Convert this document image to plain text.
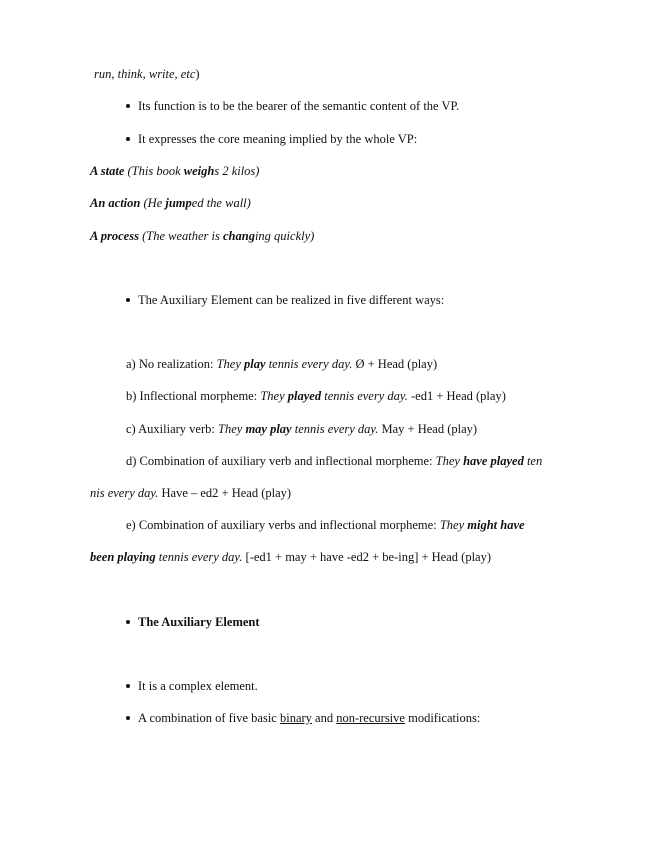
run, think, write, etc)
Its function is to be the bearer of the semantic content of the VP.
It expresses the core meaning implied by the whole VP:
A state (This book weighs 2 kilos)
An action (He jumped the wall)
A process (The weather is changing quickly)
The Auxiliary Element can be realized in five different ways:
a) No realization: They play tennis every day. Ø + Head (play)
b) Inflectional morpheme: They played tennis every day. -ed1 + Head (play)
c) Auxiliary verb: They may play tennis every day. May + Head (play)
d) Combination of auxiliary verb and inflectional morpheme: They have played ten
nis every day. Have – ed2 + Head (play)
e) Combination of auxiliary verbs and inflectional morpheme: They might have
been playing tennis every day. [-ed1 + may + have -ed2 + be-ing] + Head (play)
The Auxiliary Element
It is a complex element.
A combination of five basic binary and non-recursive modifications:
